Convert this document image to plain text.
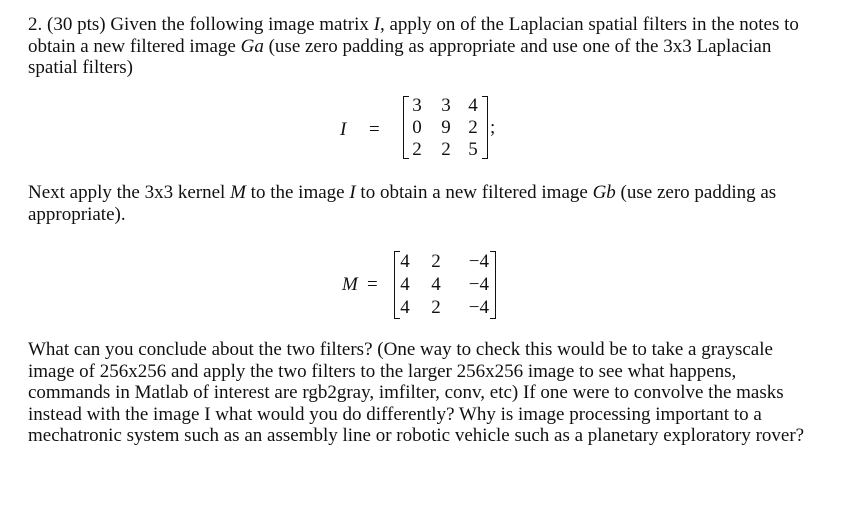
2. (30 pts) Given the following image matrix I, apply on of the Laplacian spatial filters in the notes to obtain a new filtered image Ga (use zero padding as appropriate and use one of the 3x3 Laplacian spatial filters)

I =
3	3 4
0	9 2
2	2 5
;

Next apply the 3x3 kernel M to the image I to obtain a new filtered image Gb (use zero padding as appropriate).

M =
4	2	−4
4	4	−4
4	2	−4

What can you conclude about the two filters? (One way to check this would be to take a grayscale image of 256x256 and apply the two filters to the larger 256x256 image to see what happens, commands in Matlab of interest are rgb2gray, imfilter, conv, etc) If one were to convolve the masks instead with the image I what would you do differently? Why is image processing important to a mechatronic system such as an assembly line or robotic vehicle such as a planetary exploratory rover?
